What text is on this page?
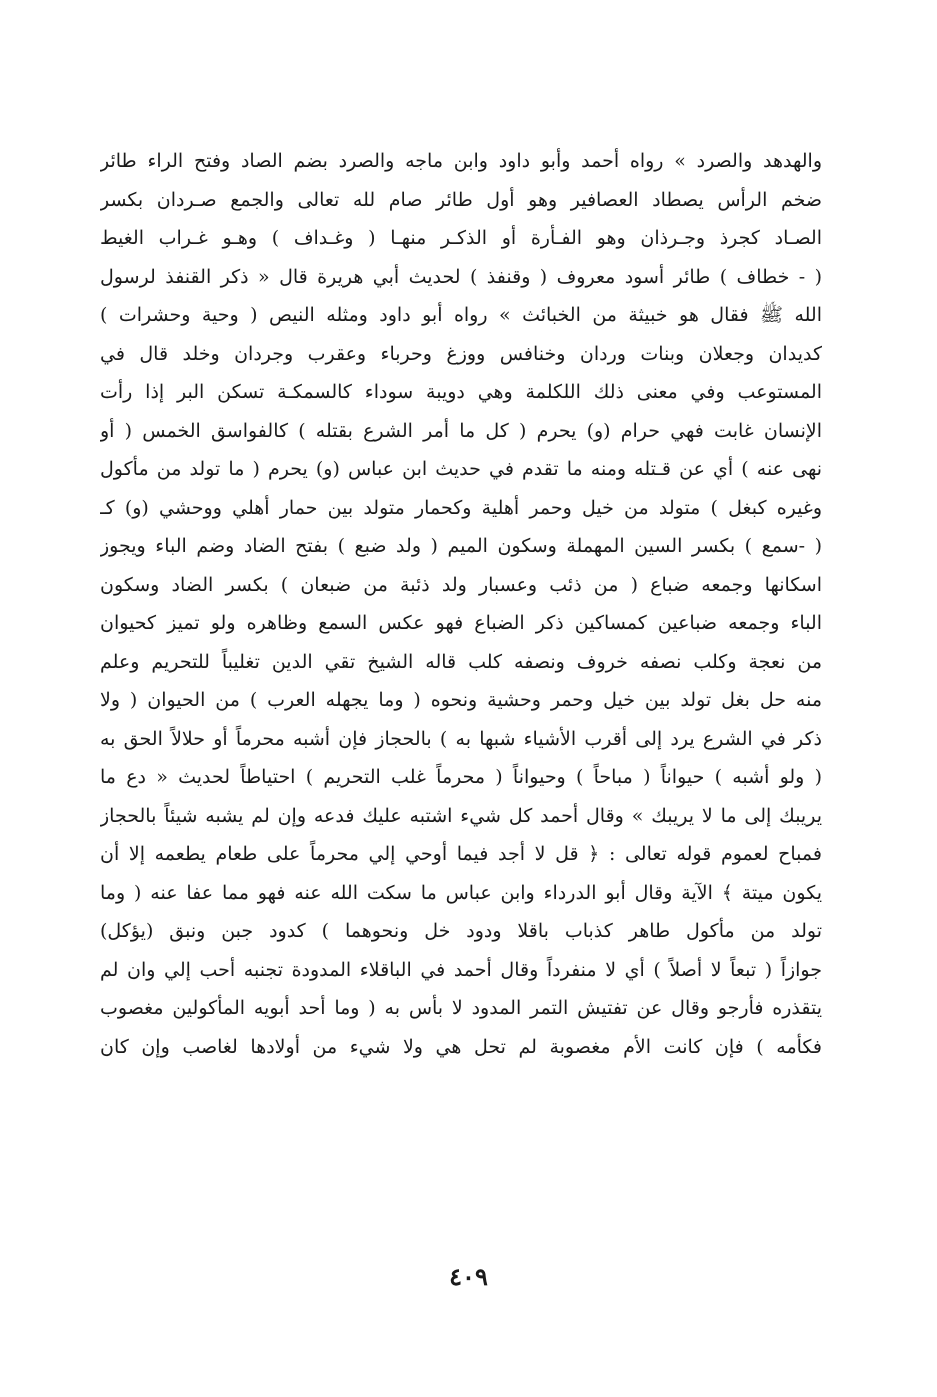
والهدهد والصرد » رواه أحمد وأبو داود وابن ماجه والصرد بضم الصاد وفتح الراء طائر
ضخم الرأس يصطاد العصافير وهو أول طائر صام لله تعالى والجمع صـردان بكسر
الصـاد كجرذ وجـرذان وهو الفـأرة أو الذكـر منهـا ( وغـداف ) وهـو غـراب الغيط
( ‑ خطاف ) طائر أسود معروف ( وقنفذ ) لحديث أبي هريرة قال « ذكر القنفذ لرسول
الله ﷺ فقال هو خبيثة من الخبائث » رواه أبو داود ومثله النيص ( وحية وحشرات )
كديدان وجعلان وبنات وردان وخنافس ووزغ وحرباء وعقرب وجردان وخلد قال في
المستوعب وفي معنى ذلك اللكلمة وهي دويبة سوداء كالسمكـة تسكن البر إذا رأت
الإنسان غابت فهي حرام (و) يحرم ( كل ما أمر الشرع بقتله ) كالفواسق الخمس ( أو
نهى عنه ) أي عن قـتله ومنه ما تقدم في حديث ابن عباس (و) يحرم ( ما تولد من مأكول
وغيره كبغل ) متولد من خيل وحمر أهلية وكحمار متولد بين حمار أهلي ووحشي (و) كـ
( ‑سمع ) بكسر السين المهملة وسكون الميم ( ولد ضبع ) بفتح الضاد وضم الباء ويجوز
اسكانها وجمعه ضباع ( من ذئب وعسبار ولد ذئبة من ضبعان ) بكسر الضاد وسكون
الباء وجمعه ضباعين كمساكين ذكر الضباع فهو عكس السمع وظاهره ولو تميز كحيوان
من نعجة وكلب نصفه خروف ونصفه كلب قاله الشيخ تقي الدين تغليباً للتحريم وعلم
منه حل بغل تولد بين خيل وحمر وحشية ونحوه ( وما يجهله العرب ) من الحيوان ( ولا
ذكر في الشرع يرد إلى أقرب الأشياء شبها به ) بالحجاز فإن أشبه محرماً أو حلالاً الحق به
( ولو أشبه ) حيواناً ( مباحاً ) وحيواناً ( محرماً غلب التحريم ) احتياطاً لحديث « دع ما
يريبك إلى ما لا يريبك » وقال أحمد كل شيء اشتبه عليك فدعه وإن لم يشبه شيئاً بالحجاز
فمباح لعموم قوله تعالى : ﴿ قل لا أجد فيما أوحي إلي محرماً على طعام يطعمه إلا أن
يكون ميتة ﴾ الآية وقال أبو الدرداء وابن عباس ما سكت الله عنه فهو مما عفا عنه ( وما
تولد من مأكول طاهر كذباب باقلا ودود خل ونحوهما ) كدود جبن ونبق (يؤكل)
جوازاً ( تبعاً لا أصلاً ) أي لا منفرداً وقال أحمد في الباقلاء المدودة تجنبه أحب إلي وان لم
يتقذره فأرجو وقال عن تفتيش التمر المدود لا بأس به ( وما أحد أبويه المأكولين مغصوب
فكأمه ) فإن كانت الأم مغصوبة لم تحل هي ولا شيء من أولادها لغاصب وإن كان
٤٠٩
